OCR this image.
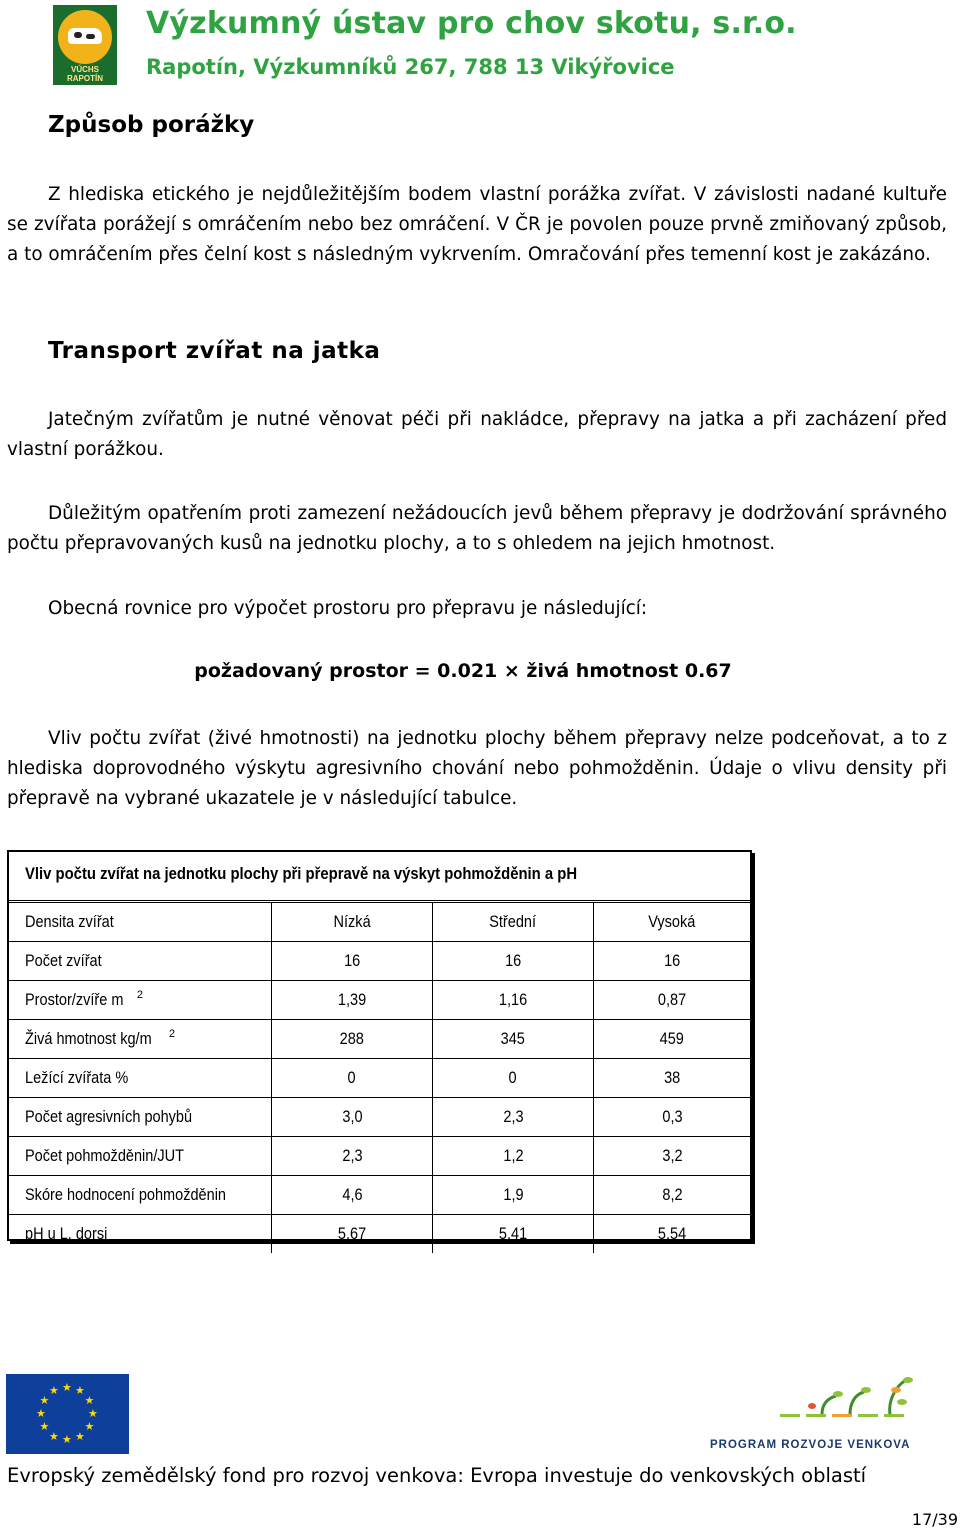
VÚCHS RAPOTÍN
Výzkumný ústav pro chov skotu, s.r.o.
Rapotín, Výzkumníků 267, 788 13 Vikýřovice
Způsob porážky

Z hlediska etického je nejdůležitějším bodem vlastní porážka zvířat. V závislosti nadané kultuře se zvířata porážejí s omráčením nebo bez omráčení. V ČR je povolen pouze prvně zmiňovaný způsob, a to omráčením přes čelní kost s následným vykrvením. Omračování přes temenní kost je zakázáno.

Transport zvířat na jatka

Jatečným zvířatům je nutné věnovat péči při nakládce, přepravy na jatka a při zacházení před vlastní porážkou.

Důležitým opatřením proti zamezení nežádoucích jevů během přepravy je dodržování správného počtu přepravovaných kusů na jednotku plochy, a to s ohledem na jejich hmotnost.

Obecná rovnice pro výpočet prostoru pro přepravu je následující:

požadovaný prostor = 0.021 × živá hmotnost 0.67

Vliv počtu zvířat (živé hmotnosti) na jednotku plochy během přepravy nelze podceňovat, a to z hlediska doprovodného výskytu agresivního chování nebo pohmožděnin. Údaje o vlivu density při přepravě na vybrané ukazatele je v následující tabulce.

Vliv počtu zvířat na jednotku plochy při přepravě na výskyt pohmožděnin a pH
Densita zvířat	Nízká	Střední	Vysoká
Počet zvířat	16	16	16
Prostor/zvíře m $^2$	1,39	1,16	0,87
Živá hmotnost kg/m $^2$	288	345	459
Ležící zvířata %	0	0	38
Počet agresivních pohybů	3,0	2,3	0,3
Počet pohmožděnin/JUT	2,3	1,2	3,2
Skóre hodnocení pohmožděnin	4,6	1,9	8,2
pH u L. dorsi	5,67	5,41	5,54
★ ★
★
★
★
★
★
★
★
★
★
★
PROGRAM ROZVOJE VENKOVA
Evropský zemědělský fond pro rozvoj venkova: Evropa investuje do venkovských oblastí
17/39
